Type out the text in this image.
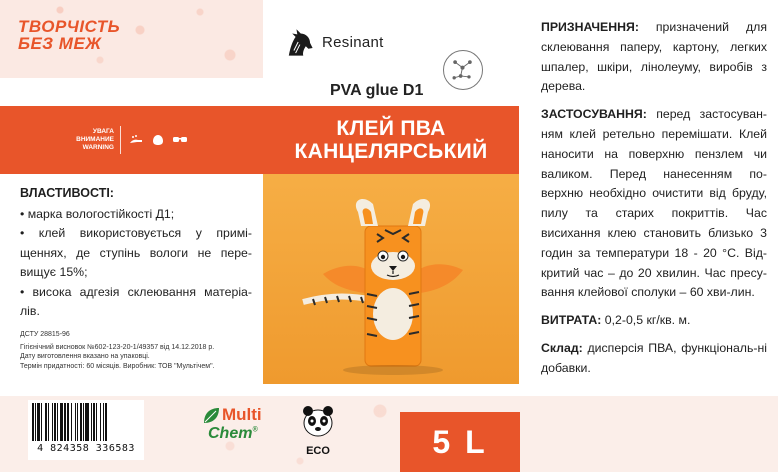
ТВОРЧІСТЬ
БЕЗ МЕЖ	Resinant
PVA glue D1
УВАГА
ВНИМАНИЕ
WARNING
КЛЕЙ ПВА
КАНЦЕЛЯРСЬКИЙ
ВЛАСТИВОСТІ:

• марка вологостійкості Д1;

• клей використовується у примі-щеннях, де ступінь вологи не пере-вищує 15%;

• висока адгезія склеювання матеріа-лів.

ДСТУ 28815-96

Гігієнічний висновок №602-123-20-1/49357 від 14.12.2018 р.

Дату виготовлення вказано на упаковці.

Термін придатності: 60 місяців. Виробник: ТОВ "Мультічем".

ПРИЗНАЧЕННЯ: призначений для склеювання паперу, картону, легких шпалер, шкіри, лінолеуму, виробів з дерева.
ЗАСТОСУВАННЯ: перед застосуван-ням клей ретельно перемішати. Клей наносити на поверхню пензлем чи валиком. Перед нанесенням по-верхню необхідно очистити від бруду, пилу та старих покриттів. Час висихання клею становить близько 3 годин за температури 18 - 20 °С. Від-критий час – до 20 хвилин. Час пресу-вання клейової сполуки – 60 хви-лин.
ВИТРАТА: 0,2-0,5 кг/кв. м.
Склад: дисперсія ПВА, функціональ-ні добавки.
4 824358 336583
Multi
Chem®
ECO	5 L
